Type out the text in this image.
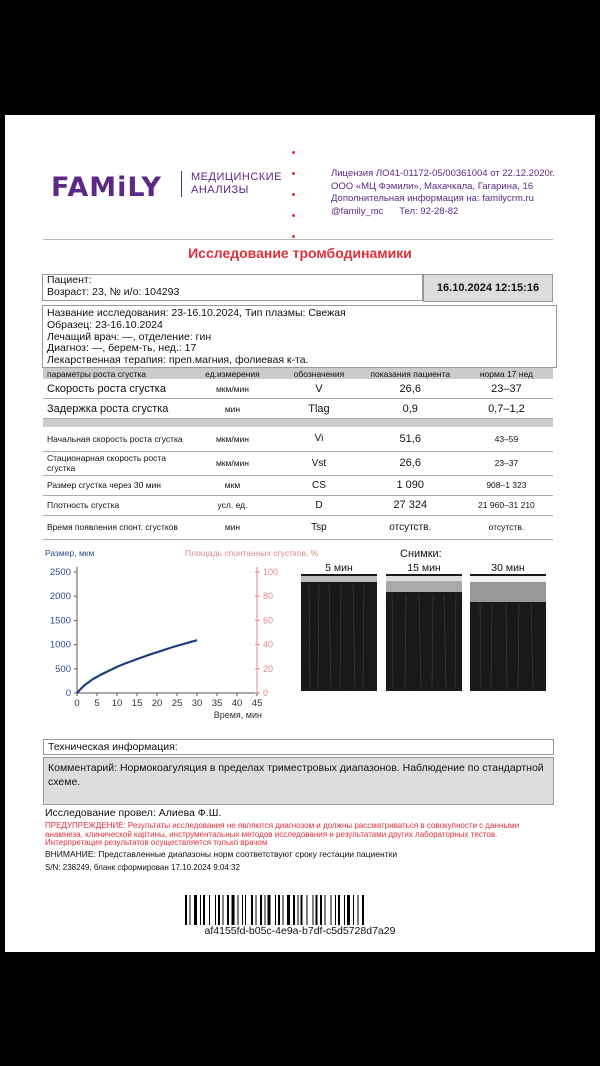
FAMiLY	МЕДИЦИНСКИЕ
АНАЛИЗЫ
Лицензия ЛО41-01172-05/00361004 от 22.12.2020г.
ООО «МЦ Фэмили», Махачкала, Гагарина, 16
Дополнительная информация на: familycrm.ru
@family_mc      Тел: 92-28-82
Исследование тромбодинамики
Пациент:
Возраст: 23, № и/о: 104293	16.10.2024 12:15:16
Название исследования: 23-16.10.2024, Тип плазмы: Свежая
Образец: 23-16.10.2024
Лечащий врач: —, отделение: гин
Диагноз: —, берем-ть, нед.: 17
Лекарственная терапия: преп.магния, фолиевая к-та.
параметры роста сгустка	ед.измерения	обозначения	показания пациента	норма 17 нед
Скорость роста сгустка	мкм/мин	V	26,6	23–37
Задержка роста сгустка	мин	Tlag	0,9	0,7–1,2

Начальная скорость роста сгустка	мкм/мин	Vi	51,6	43–59
Стационарная скорость роста сгустка	мкм/мин	Vst	26,6	23–37
Размер сгустка через 30 мин	мкм	CS	1 090	908–1 323
Плотность сгустка	усл. ед.	D	27 324	21 960–31 210
Время появления спонт. сгустков	мин	Tsp	отсутств.	отсутств.
Размер, мкм	Площадь спонтанных сгустков, %
0
500
1000
1500
2000
2500
0
20
40
60
80
100
0 5 10 15 20 25 30 35 40 45
Время, мин
Снимки:
5 мин	15 мин	30 мин
Техническая информация:
Комментарий: Нормокоагуляция в пределах триместровых диапазонов. Наблюдение по стандартной схеме.
Исследование провел: Алиева Ф.Ш.
ПРЕДУПРЕЖДЕНИЕ: Результаты исследования не являются диагнозом и должны рассматриваться в совокупности с данными анамнеза, клинической картины, инструментальных методов исследования и результатами других лабораторных тестов. Интерпретация результатов осуществляется только врачом
ВНИМАНИЕ: Представленные диапазоны норм соответствуют сроку гестации пациентки
S/N: 238249, бланк сформирован 17.10.2024 9:04:32
af4155fd-b05c-4e9a-b7df-c5d5728d7a29
